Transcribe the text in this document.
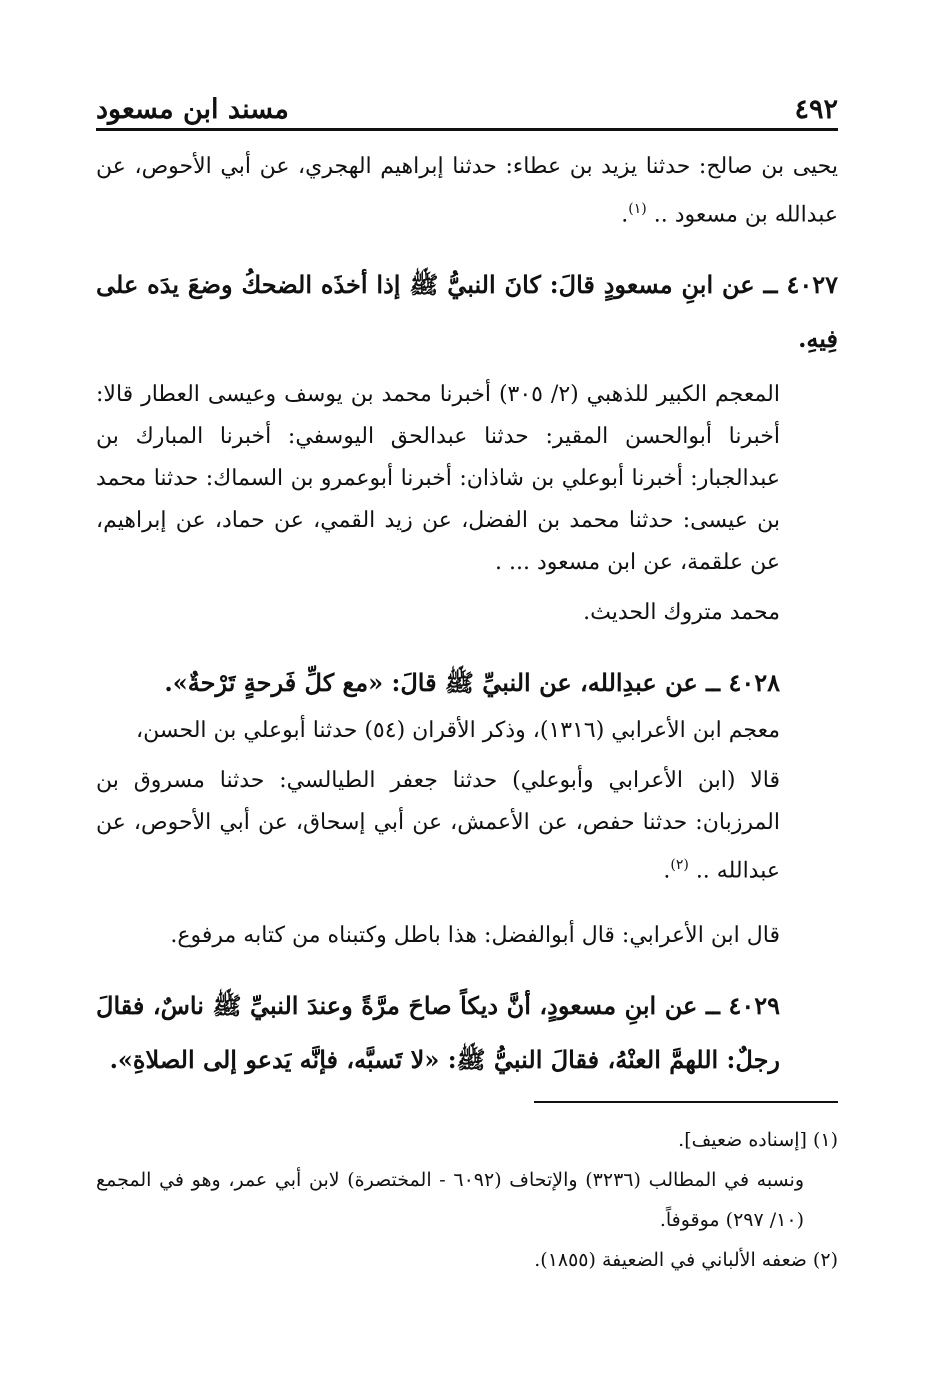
٤٩٢
مسند ابن مسعود

يحيى بن صالح: حدثنا يزيد بن عطاء: حدثنا إبراهيم الهجري، عن أبي الأحوص، عن عبدالله بن مسعود .. $^{(١)}$.

٤٠٢٧ ــ عن ابنِ مسعودٍ قالَ: كانَ النبيُّ ﷺ إذا أخذَه الضحكُ وضعَ يدَه على فِيهِ.

المعجم الكبير للذهبي (٢/ ٣٠٥) أخبرنا محمد بن يوسف وعيسى العطار قالا: أخبرنا أبوالحسن المقير: حدثنا عبدالحق اليوسفي: أخبرنا المبارك بن عبدالجبار: أخبرنا أبوعلي بن شاذان: أخبرنا أبوعمرو بن السماك: حدثنا محمد بن عيسى: حدثنا محمد بن الفضل، عن زيد القمي، عن حماد، عن إبراهيم، عن علقمة، عن ابن مسعود ... .

محمد متروك الحديث.

٤٠٢٨ ــ عن عبدِالله، عن النبيِّ ﷺ قالَ: «مع كلِّ فَرحةٍ تَرْحةٌ».

معجم ابن الأعرابي (١٣١٦)، وذكر الأقران (٥٤) حدثنا أبوعلي بن الحسن،

قالا (ابن الأعرابي وأبوعلي) حدثنا جعفر الطيالسي: حدثنا مسروق بن المرزبان: حدثنا حفص، عن الأعمش، عن أبي إسحاق، عن أبي الأحوص، عن عبدالله .. $^{(٢)}$.

قال ابن الأعرابي: قال أبوالفضل: هذا باطل وكتبناه من كتابه مرفوع.

٤٠٢٩ ــ عن ابنِ مسعودٍ، أنَّ ديكاً صاحَ مرَّةً وعندَ النبيِّ ﷺ ناسٌ، فقالَ رجلٌ: اللهمَّ العنْهُ، فقالَ النبيُّ ﷺ: «لا تَسبَّه، فإنَّه يَدعو إلى الصلاةِ».

(١) [إسناده ضعيف].

ونسبه في المطالب (٣٢٣٦) والإتحاف (٦٠٩٢ - المختصرة) لابن أبي عمر، وهو في المجمع (١٠/ ٢٩٧) موقوفاً.

(٢) ضعفه الألباني في الضعيفة (١٨٥٥).
